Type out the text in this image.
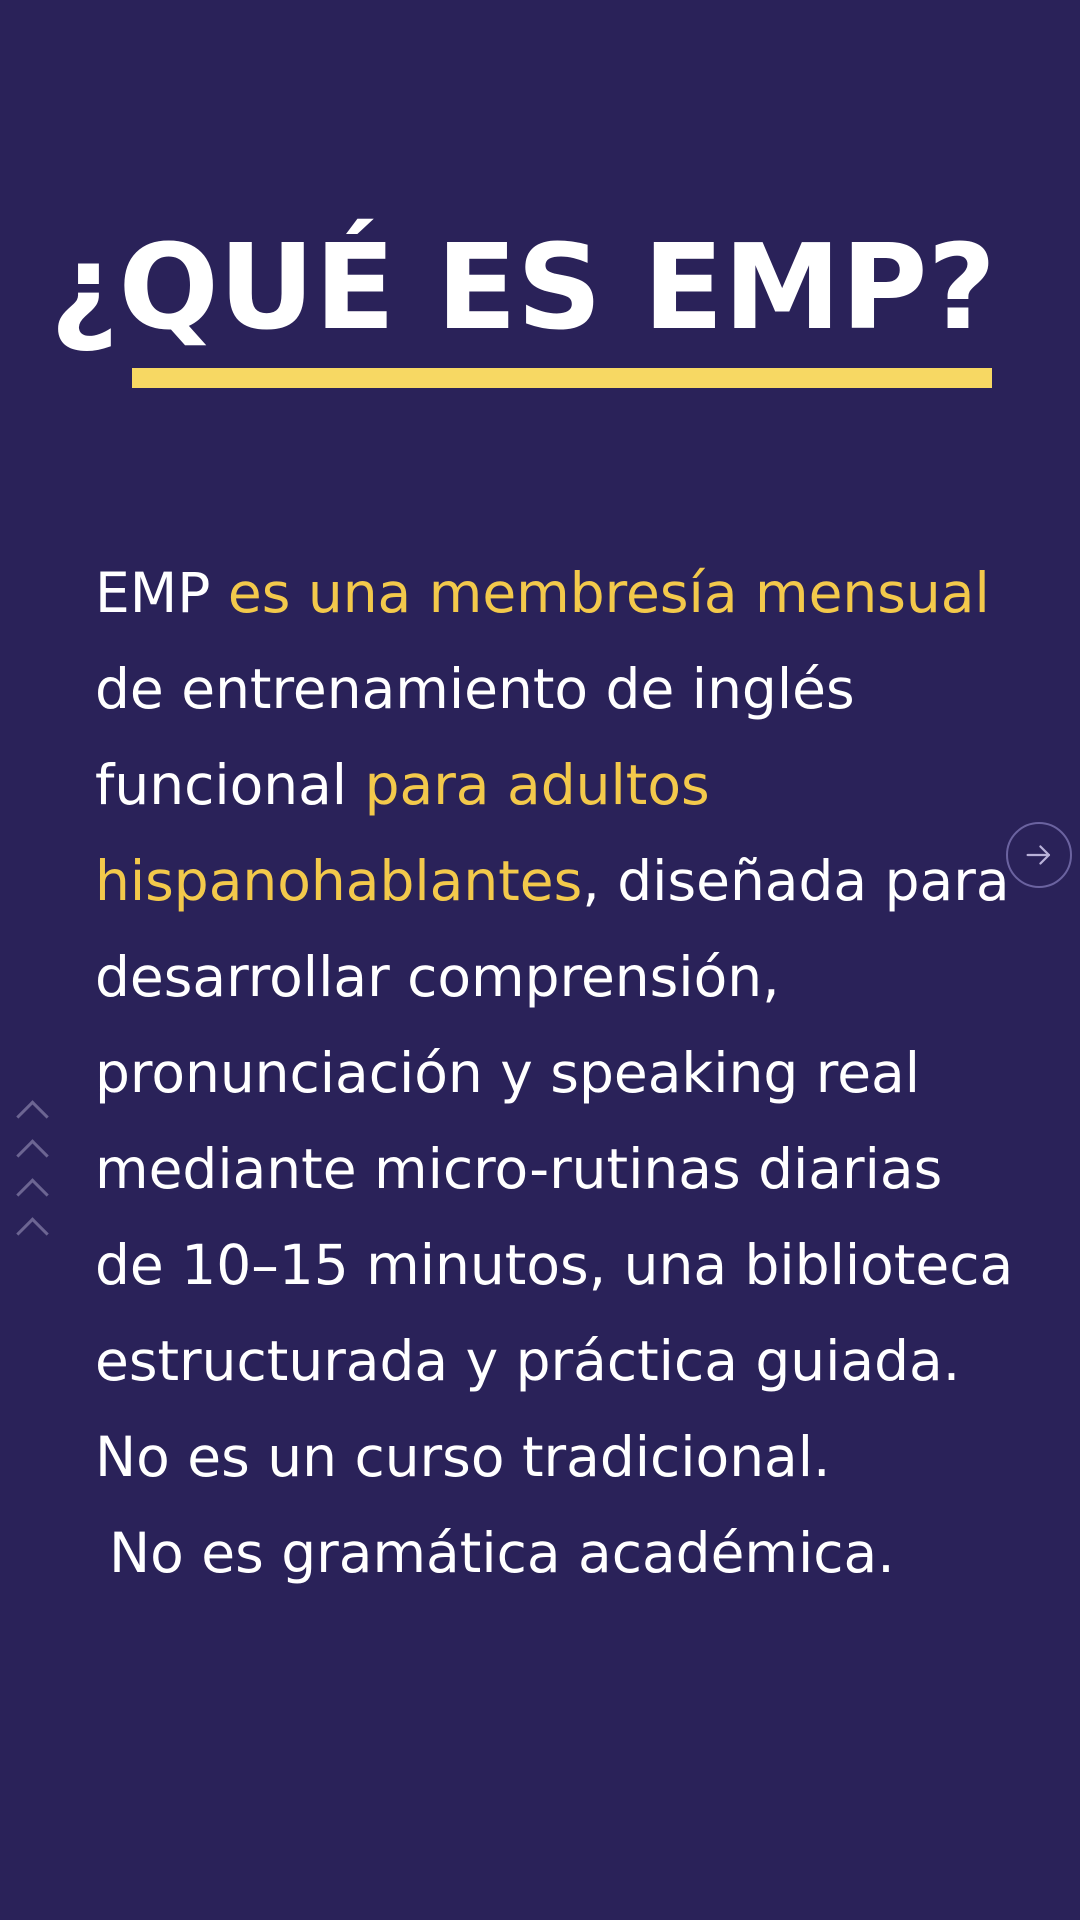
¿QUÉ ES EMP?

EMP es una membresía mensual de entrenamiento de inglés funcional para adultos hispanohablantes, diseñada para desarrollar comprensión, pronunciación y speaking real mediante micro-rutinas diarias de 10–15 minutos, una biblioteca estructurada y práctica guiada.

No es un curso tradicional.

No es gramática académica.
